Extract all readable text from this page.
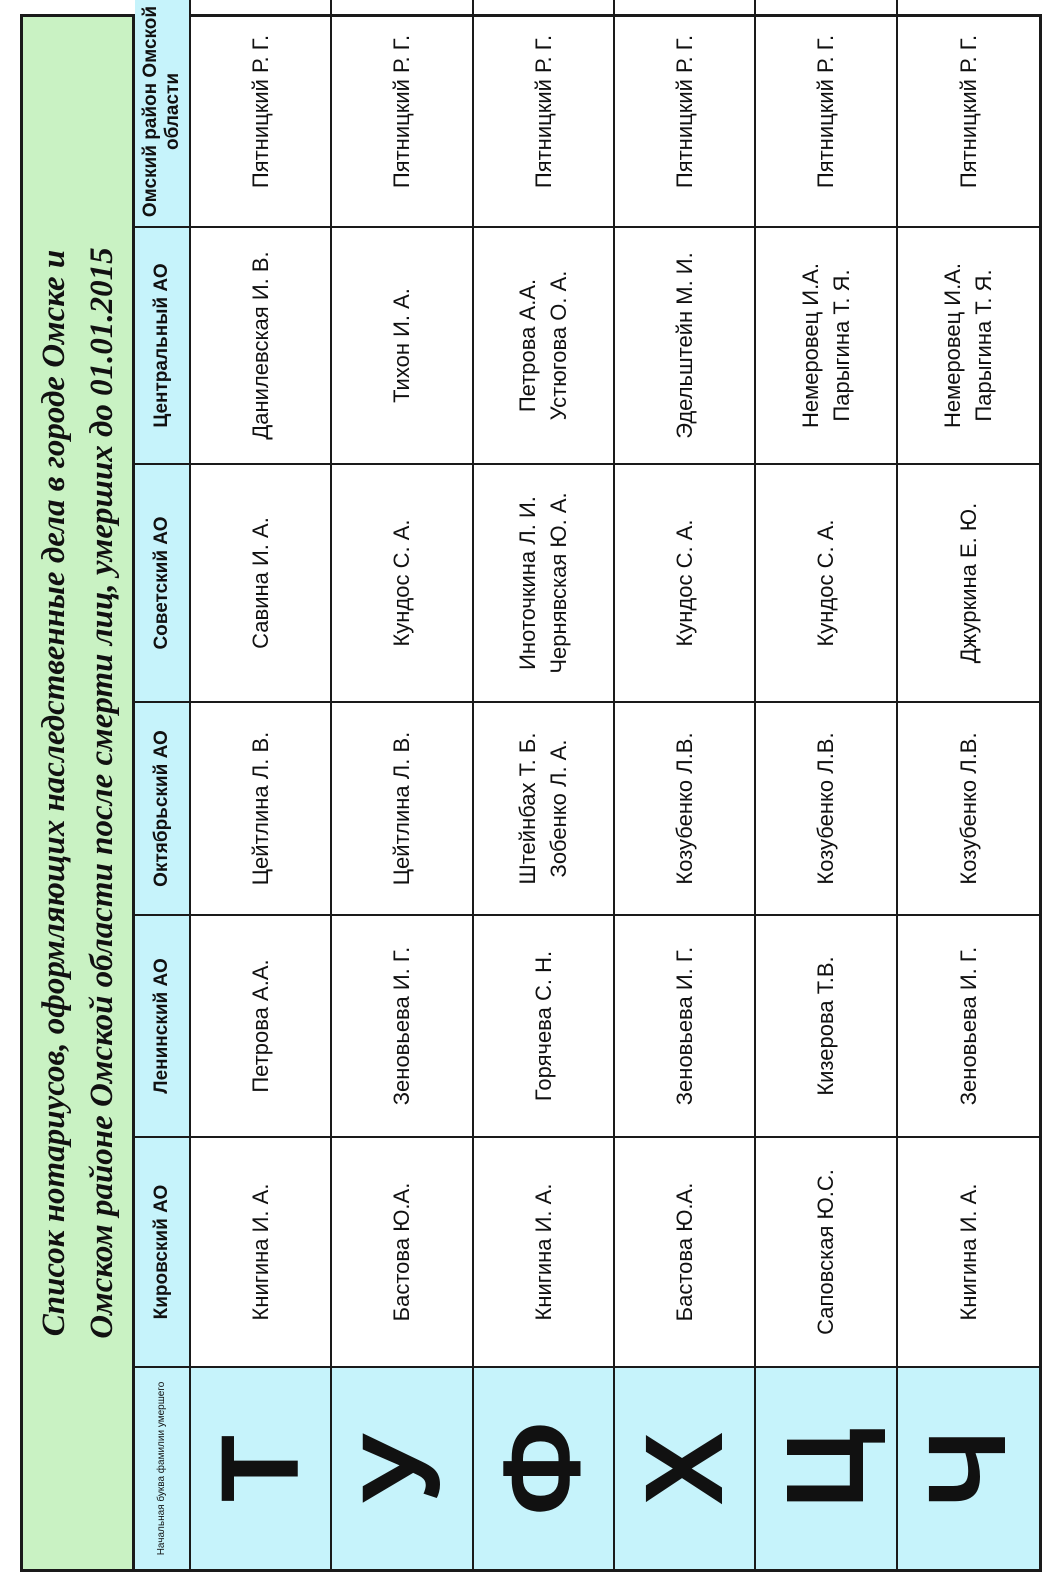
Список нотариусов, оформляющих наследственные дела в городе Омске и Омском районе Омской области после смерти лиц, умерших до 01.01.2015
Начальная буква фамилии умершего
Кировский АО
Ленинский АО
Октябрьский АО
Советский АО
Центральный АО
Омский район Омской области
Т
Книгина И. А.
Петрова А.А.
Цейтлина Л. В.
Савина И. А.
Данилевская И. В.
Пятницкий Р. Г.
У
Бастова Ю.А.
Зеновьева И. Г.
Цейтлина Л. В.
Кундос С. А.
Тихон И. А.
Пятницкий Р. Г.
Ф
Книгина И. А.
Горячева С. Н.
Штейнбах Т. Б. Зобенко Л. А.
Иноточкина Л. И. Чернявская Ю. А.
Петрова А.А. Устюгова О. А.
Пятницкий Р. Г.
Х
Бастова Ю.А.
Зеновьева И. Г.
Козубенко Л.В.
Кундос С. А.
Эдельштейн М. И.
Пятницкий Р. Г.
Ц
Саповская Ю.С.
Кизерова Т.В.
Козубенко Л.В.
Кундос С. А.
Немеровец И.А. Парыгина Т. Я.
Пятницкий Р. Г.
Ч
Книгина И. А.
Зеновьева И. Г.
Козубенко Л.В.
Джуркина Е. Ю.
Немеровец И.А. Парыгина Т. Я.
Пятницкий Р. Г.
